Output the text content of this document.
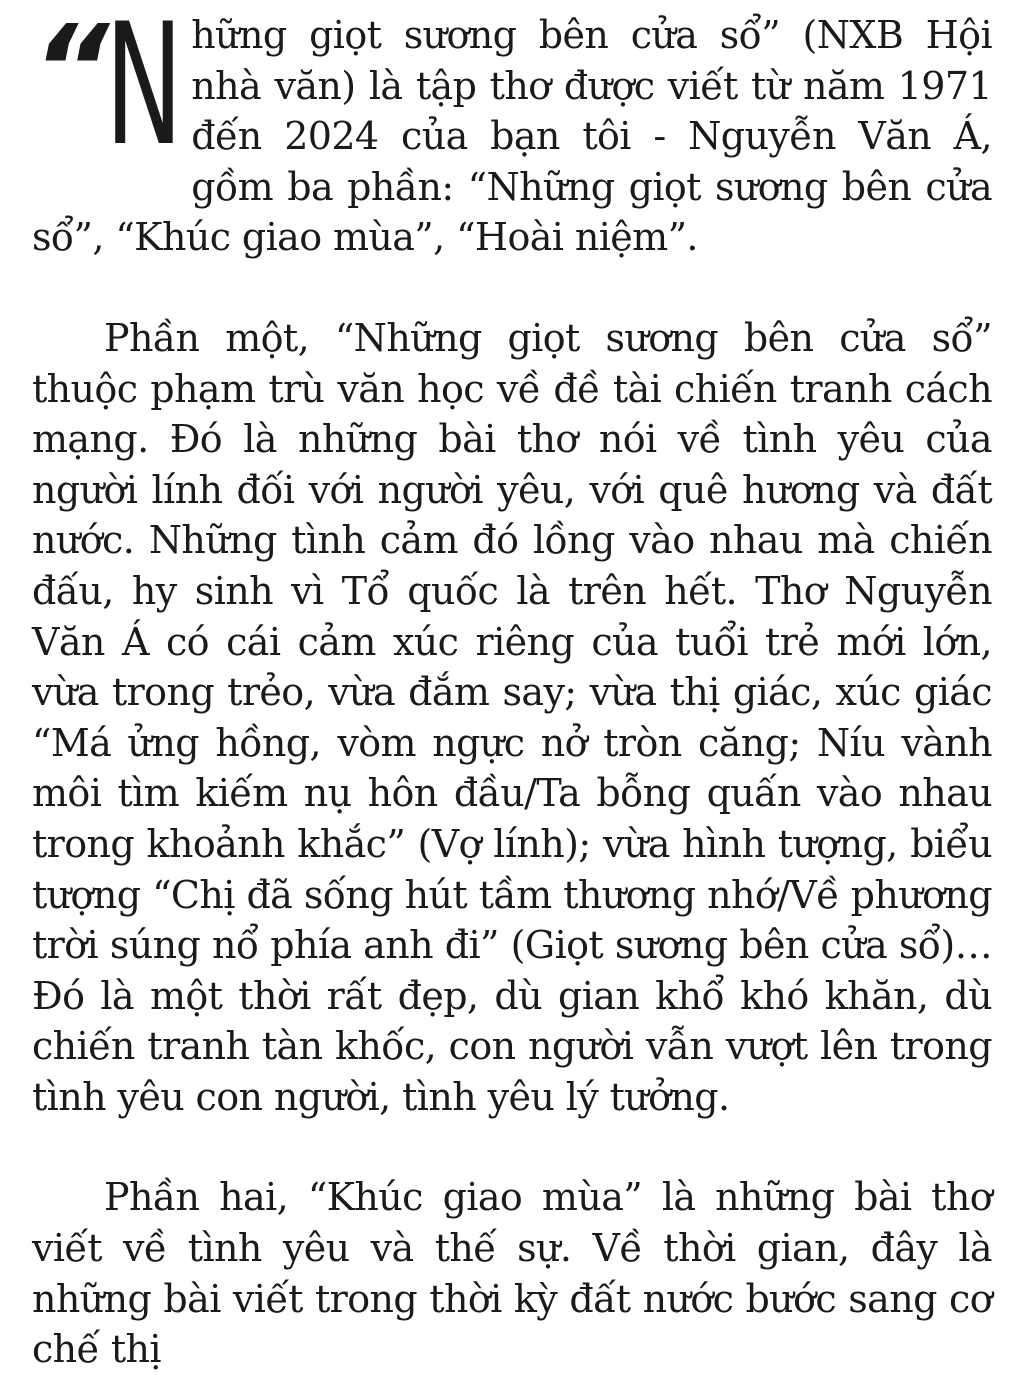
“ N hững giọt sương bên cửa sổ” (NXB Hội nhà văn) là tập thơ được viết từ năm 1971 đến 2024 của bạn tôi - Nguyễn Văn Á, gồm ba phần: “Những giọt sương bên cửa sổ”, “Khúc giao mùa”, “Hoài niệm”.

Phần một, “Những giọt sương bên cửa sổ” thuộc phạm trù văn học về đề tài chiến tranh cách mạng. Đó là những bài thơ nói về tình yêu của người lính đối với người yêu, với quê hương và đất nước. Những tình cảm đó lồng vào nhau mà chiến đấu, hy sinh vì Tổ quốc là trên hết. Thơ Nguyễn Văn Á có cái cảm xúc riêng của tuổi trẻ mới lớn, vừa trong trẻo, vừa đắm say; vừa thị giác, xúc giác “Má ửng hồng, vòm ngực nở tròn căng; Níu vành môi tìm kiếm nụ hôn đầu/Ta bỗng quấn vào nhau trong khoảnh khắc” (Vợ lính); vừa hình tượng, biểu tượng “Chị đã sống hút tầm thương nhớ/Về phương trời súng nổ phía anh đi” (Giọt sương bên cửa sổ)… Đó là một thời rất đẹp, dù gian khổ khó khăn, dù chiến tranh tàn khốc, con người vẫn vượt lên trong tình yêu con người, tình yêu lý tưởng.

Phần hai, “Khúc giao mùa” là những bài thơ viết về tình yêu và thế sự. Về thời gian, đây là những bài viết trong thời kỳ đất nước bước sang cơ chế thị
